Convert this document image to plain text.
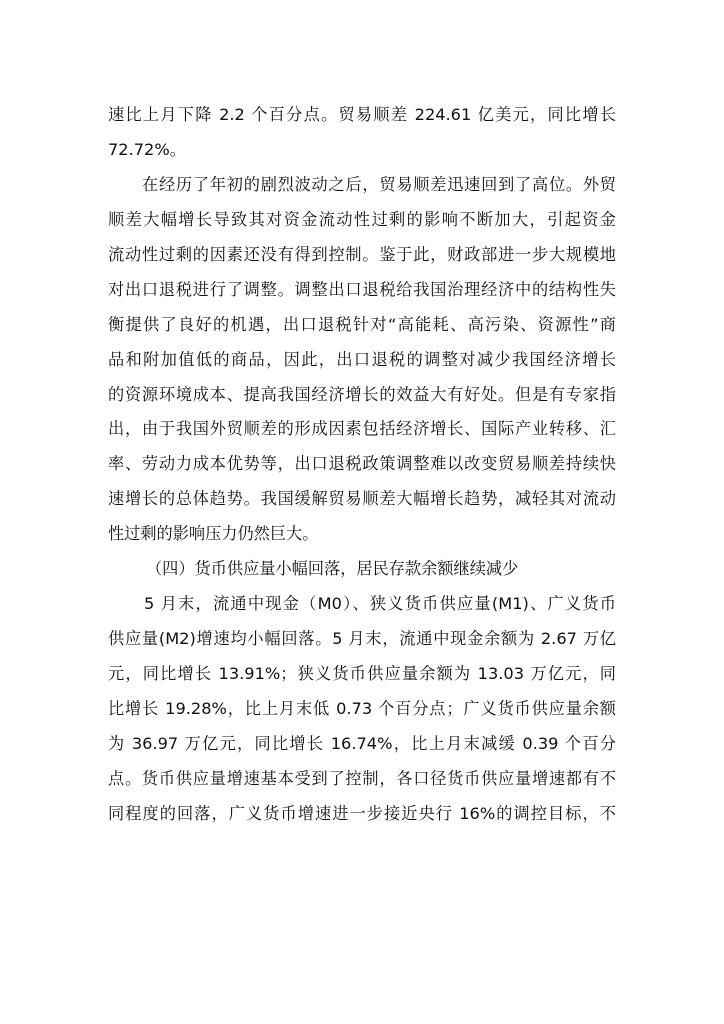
速比上月下降 2.2 个百分点。贸易顺差 224.61 亿美元，同比增长
72.72%。
在经历了年初的剧烈波动之后，贸易顺差迅速回到了高位。外贸
顺差大幅增长导致其对资金流动性过剩的影响不断加大，引起资金
流动性过剩的因素还没有得到控制。鉴于此，财政部进一步大规模地
对出口退税进行了调整。调整出口退税给我国治理经济中的结构性失
衡提供了良好的机遇，出口退税针对“高能耗、高污染、资源性”商
品和附加值低的商品，因此，出口退税的调整对减少我国经济增长
的资源环境成本、提高我国经济增长的效益大有好处。但是有专家指
出，由于我国外贸顺差的形成因素包括经济增长、国际产业转移、汇
率、劳动力成本优势等，出口退税政策调整难以改变贸易顺差持续快
速增长的总体趋势。我国缓解贸易顺差大幅增长趋势，减轻其对流动
性过剩的影响压力仍然巨大。
（四）货币供应量小幅回落，居民存款余额继续减少
5 月末，流通中现金（M0）、狭义货币供应量(M1)、广义货币
供应量(M2)增速均小幅回落。5 月末，流通中现金余额为 2.67 万亿
元，同比增长 13.91%；狭义货币供应量余额为 13.03 万亿元，同
比增长 19.28%，比上月末低 0.73 个百分点；广义货币供应量余额
为 36.97 万亿元，同比增长 16.74%，比上月末减缓 0.39 个百分
点。货币供应量增速基本受到了控制，各口径货币供应量增速都有不
同程度的回落，广义货币增速进一步接近央行 16%的调控目标，不
